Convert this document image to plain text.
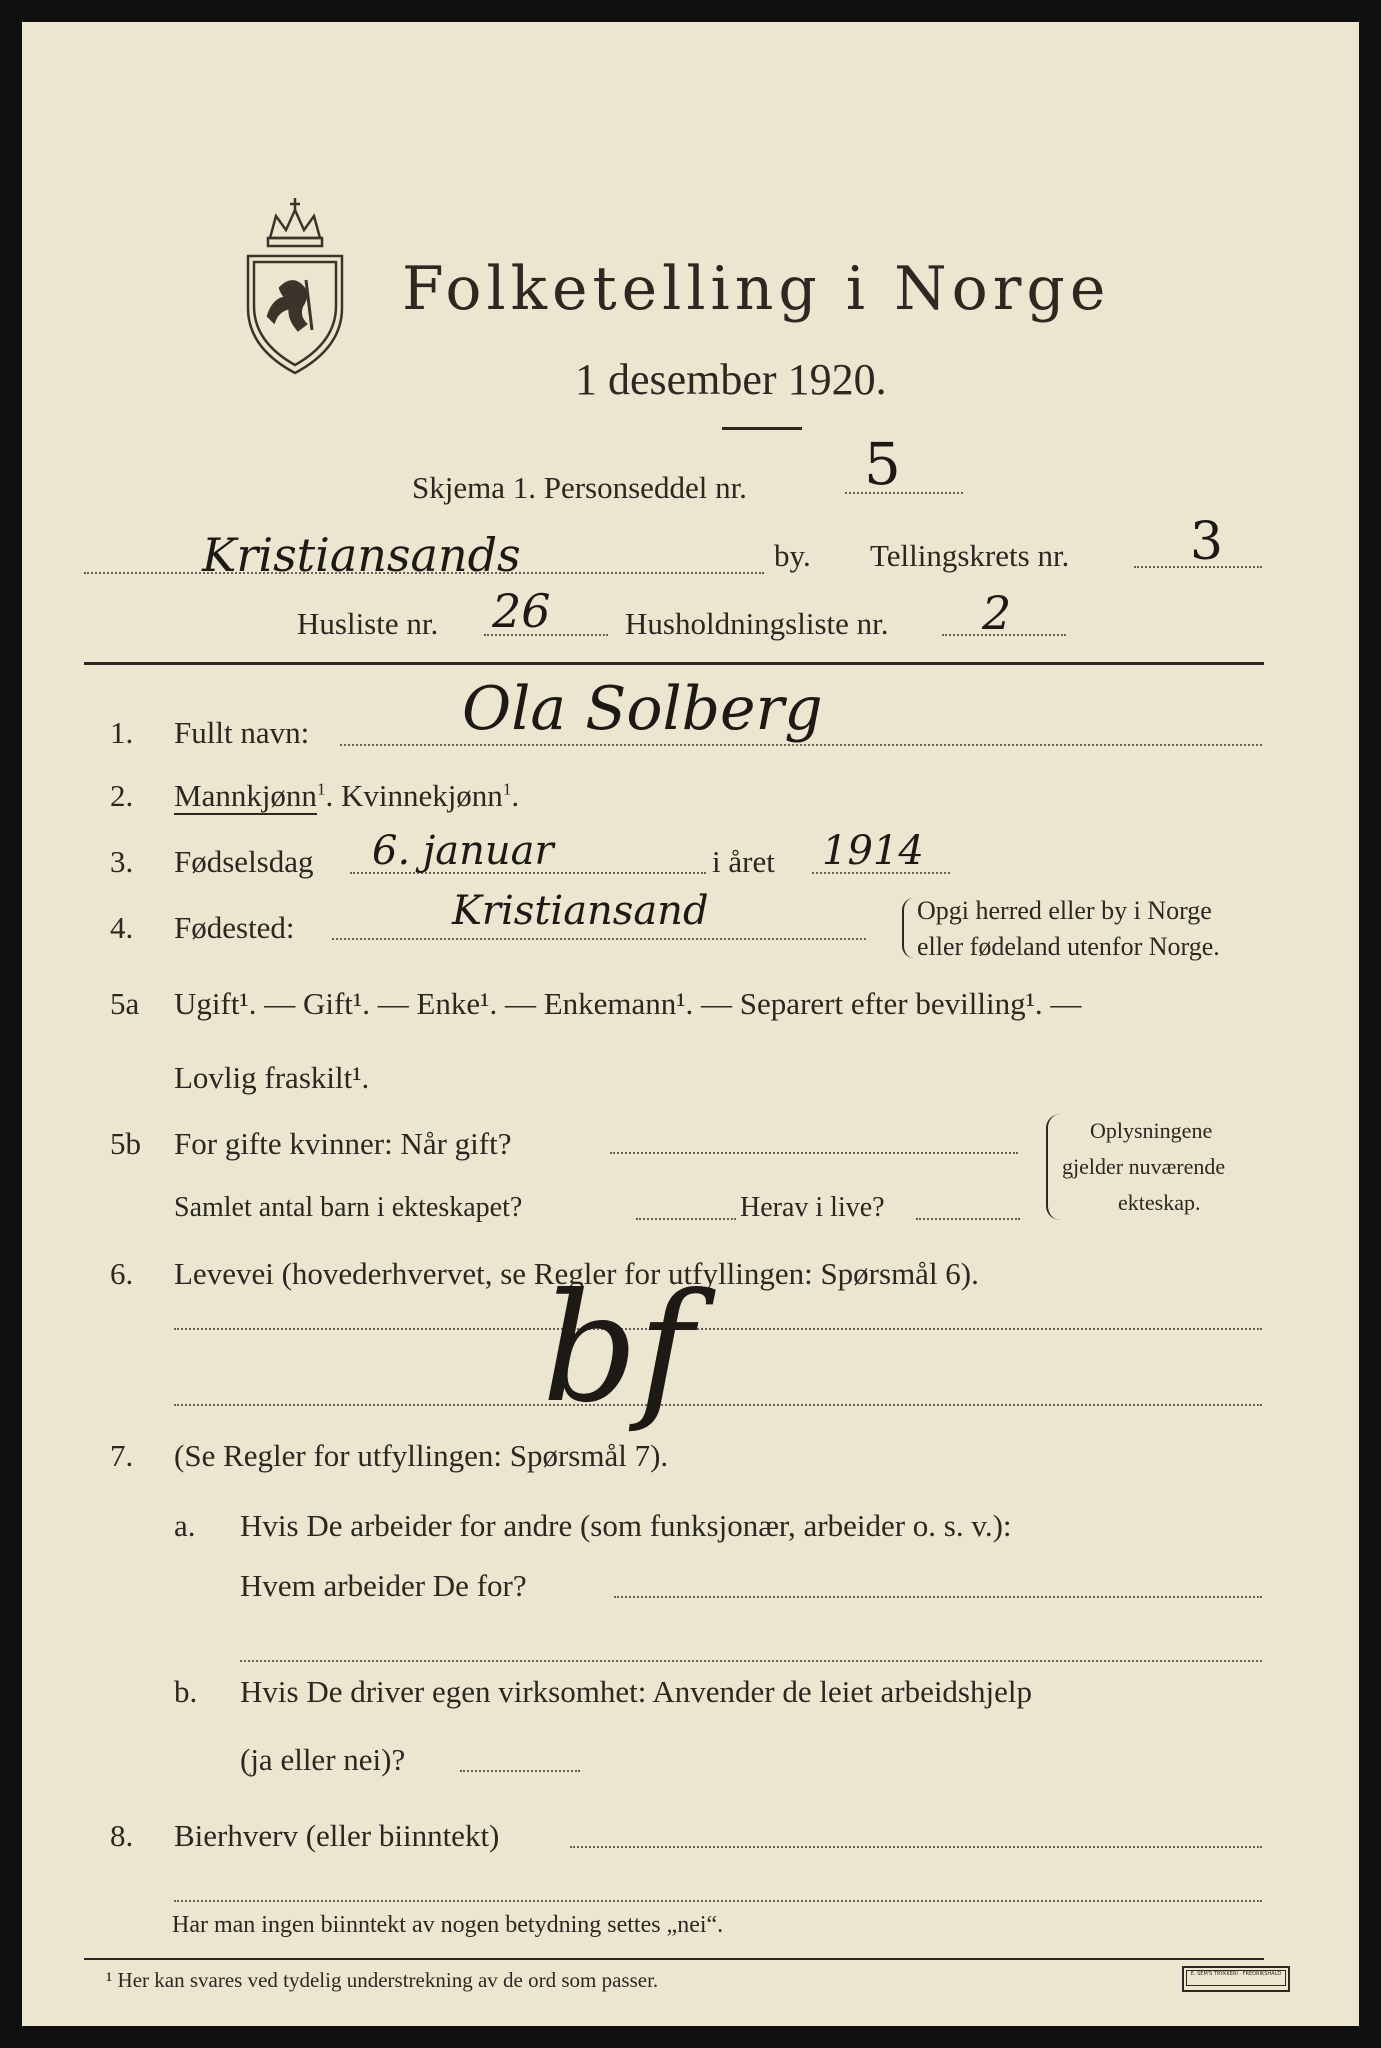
Folketelling i Norge
1 desember 1920.
Skjema 1. Personseddel nr. 5
Kristiansands	by. Tellingskrets nr. 3
Husliste nr. 26 Husholdningsliste nr. 2
1. Fullt navn:	Ola Solberg
2. Mannkjønn$^1$. Kvinnekjønn$^1$.
3. Fødselsdag 6. januar	i året 1914
4. Fødested:	Kristiansand	Opgi herred eller by i Norge
eller fødeland utenfor Norge.
5a Ugift¹. — Gift¹. — Enke¹. — Enkemann¹. — Separert efter bevilling¹. —
Lovlig fraskilt¹.
5b For gifte kvinner: Når gift?
Samlet antal barn i ekteskapet?	Herav i live?
Oplysningene
gjelder nuværende
ekteskap.
6. Levevei (hovederhvervet, se Regler for utfyllingen: Spørsmål 6).
bf
7. (Se Regler for utfyllingen: Spørsmål 7).
a. Hvis De arbeider for andre (som funksjonær, arbeider o. s. v.):
Hvem arbeider De for?
b. Hvis De driver egen virksomhet: Anvender de leiet arbeidshjelp
(ja eller nei)?
8. Bierhverv (eller biinntekt)
Har man ingen biinntekt av nogen betydning settes „nei“.
¹ Her kan svares ved tydelig understrekning av de ord som passer.	E. SEM'S TRYKKERI · FREDRIKSHALD
